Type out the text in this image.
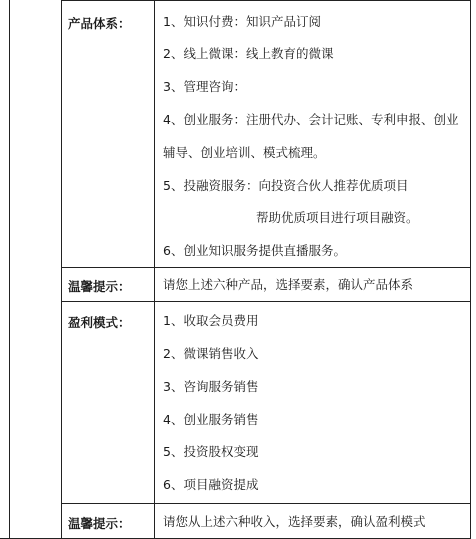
产品体系：	1、知识付费：知识产品订阅
2、线上微课：线上教育的微课
3、管理咨询：
4、创业服务：注册代办、会计记账、专利申报、创业
辅导、创业培训、模式梳理。
5、投融资服务：向投资合伙人推荐优质项目
帮助优质项目进行项目融资。
6、创业知识服务提供直播服务。
温馨提示：	请您上述六种产品，选择要素，确认产品体系
盈利模式：	1、收取会员费用
2、微课销售收入
3、咨询服务销售
4、创业服务销售
5、投资股权变现
6、项目融资提成
温馨提示：	请您从上述六种收入，选择要素，确认盈利模式
